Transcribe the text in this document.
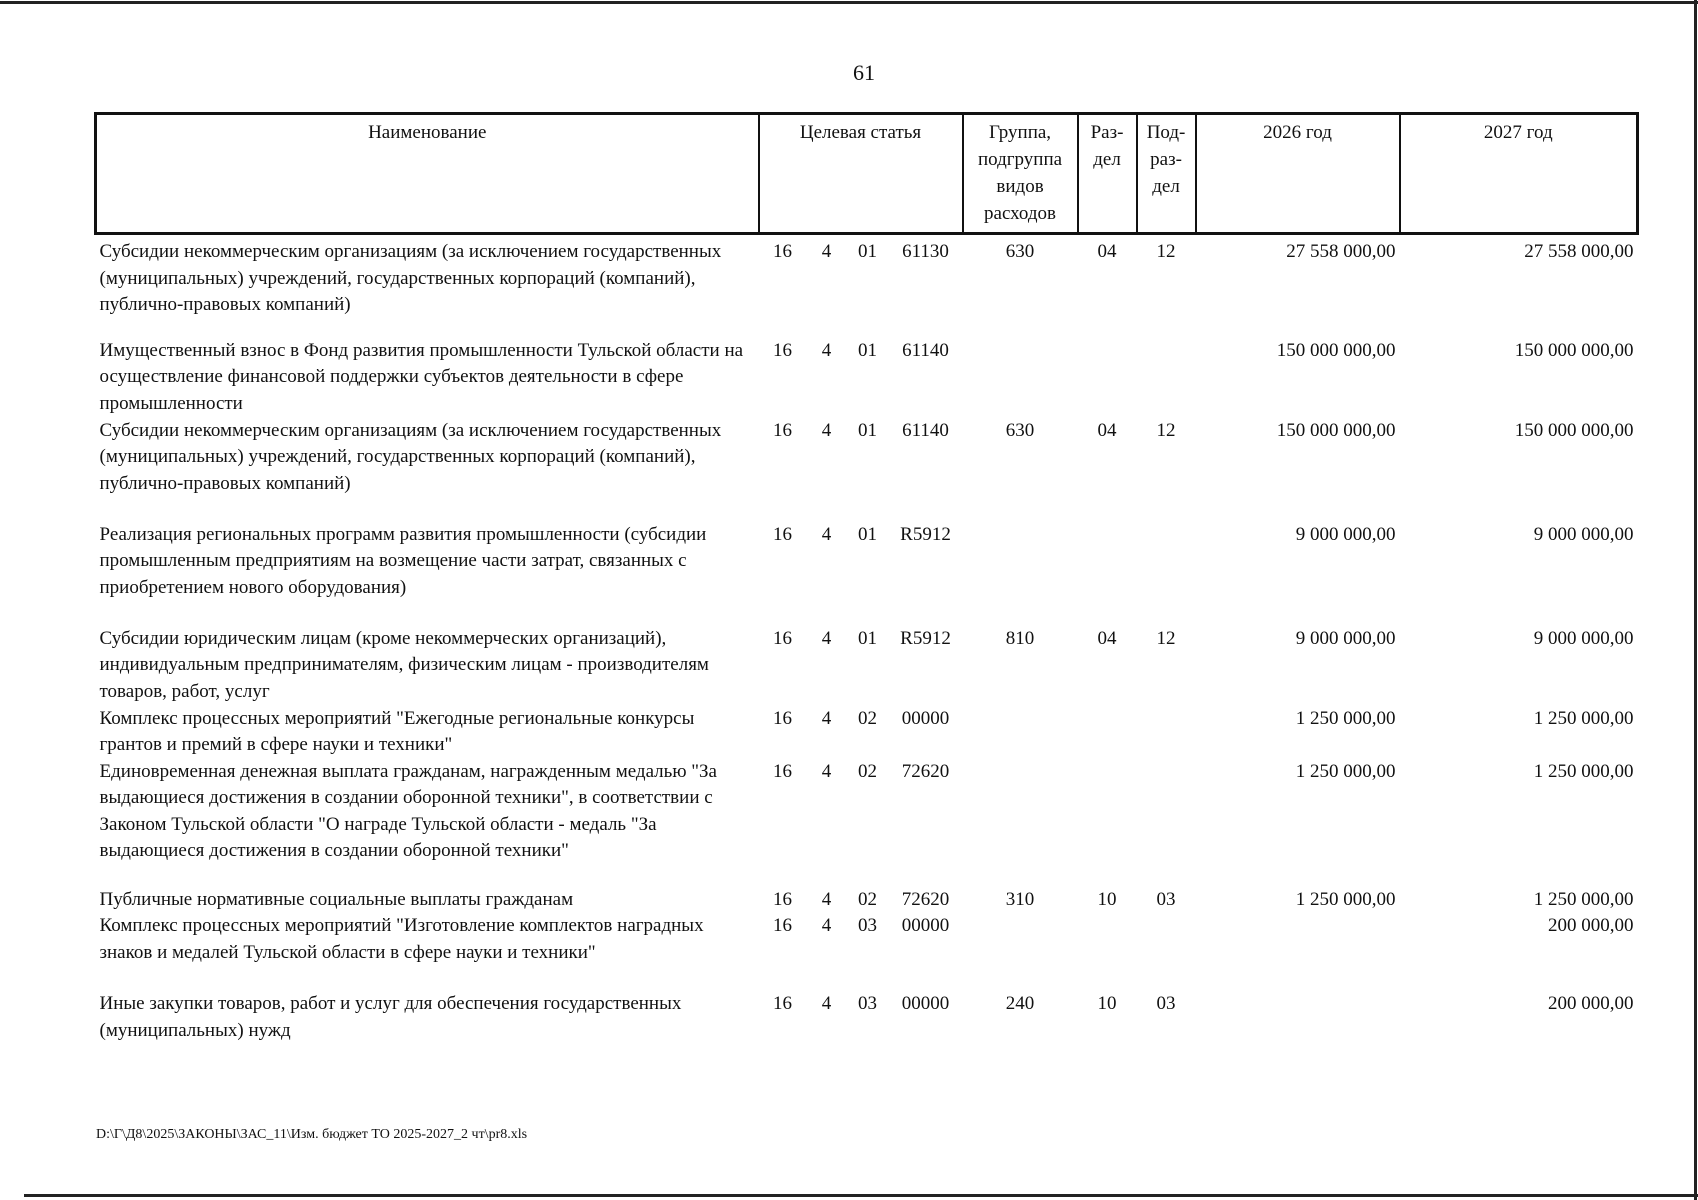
61
Наименование	Целевая статья				Группа, подгруппа видов расходов	Раз-дел	Под-раз-дел	2026 год	2027 год
Субсидии некоммерческим организациям (за исключением государственных (муниципальных) учреждений, государственных корпораций (компаний), публично-правовых компаний)	16	4	01	61130	630	04	12	27 558 000,00	27 558 000,00
Имущественный взнос в Фонд развития промышленности Тульской области на осуществление финансовой поддержки субъектов деятельности в сфере промышленности	16	4	01	61140				150 000 000,00	150 000 000,00
Субсидии некоммерческим организациям (за исключением государственных (муниципальных) учреждений, государственных корпораций (компаний), публично-правовых компаний)	16	4	01	61140	630	04	12	150 000 000,00	150 000 000,00
Реализация региональных программ развития промышленности (субсидии промышленным предприятиям на возмещение части затрат, связанных с приобретением нового оборудования)	16	4	01	R5912				9 000 000,00	9 000 000,00
Субсидии юридическим лицам (кроме некоммерческих организаций), индивидуальным предпринимателям, физическим лицам - производителям товаров, работ, услуг	16	4	01	R5912	810	04	12	9 000 000,00	9 000 000,00
Комплекс процессных мероприятий "Ежегодные региональные конкурсы грантов и премий в сфере науки и техники"	16	4	02	00000				1 250 000,00	1 250 000,00
Единовременная денежная выплата гражданам, награжденным медалью "За выдающиеся достижения в создании оборонной техники", в соответствии с Законом Тульской области "О награде Тульской области - медаль "За выдающиеся достижения в создании оборонной техники"	16	4	02	72620				1 250 000,00	1 250 000,00
Публичные нормативные социальные выплаты гражданам	16	4	02	72620	310	10	03	1 250 000,00	1 250 000,00
Комплекс процессных мероприятий "Изготовление комплектов наградных знаков и медалей Тульской области в сфере науки и техники"	16	4	03	00000					200 000,00
Иные закупки товаров, работ и услуг для обеспечения государственных (муниципальных) нужд	16	4	03	00000	240	10	03		200 000,00
D:\Г\Д8\2025\ЗАКОНЫ\ЗАС_11\Изм. бюджет ТО 2025-2027_2 чт\pr8.xls
